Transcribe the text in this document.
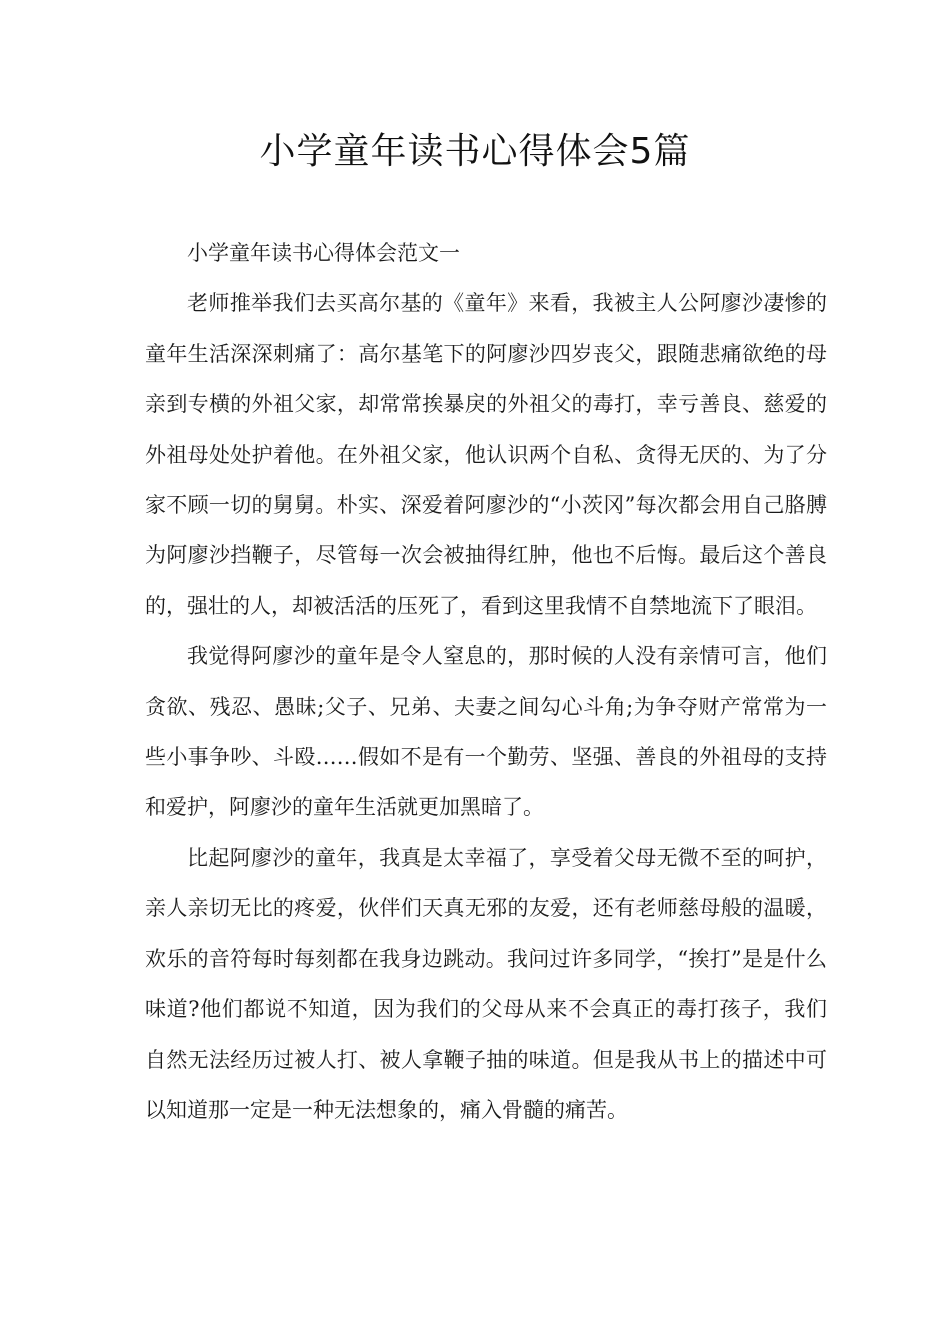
小学童年读书心得体会5篇

小学童年读书心得体会范文一

老师推举我们去买高尔基的《童年》来看，我被主人公阿廖沙凄惨的童年生活深深刺痛了：高尔基笔下的阿廖沙四岁丧父，跟随悲痛欲绝的母亲到专横的外祖父家，却常常挨暴戾的外祖父的毒打，幸亏善良、慈爱的外祖母处处护着他。在外祖父家，他认识两个自私、贪得无厌的、为了分家不顾一切的舅舅。朴实、深爱着阿廖沙的“小茨冈”每次都会用自己胳膊为阿廖沙挡鞭子，尽管每一次会被抽得红肿，他也不后悔。最后这个善良的，强壮的人，却被活活的压死了，看到这里我情不自禁地流下了眼泪。

我觉得阿廖沙的童年是令人窒息的，那时候的人没有亲情可言，他们贪欲、残忍、愚昧;父子、兄弟、夫妻之间勾心斗角;为争夺财产常常为一些小事争吵、斗殴……假如不是有一个勤劳、坚强、善良的外祖母的支持和爱护，阿廖沙的童年生活就更加黑暗了。

比起阿廖沙的童年，我真是太幸福了，享受着父母无微不至的呵护，亲人亲切无比的疼爱，伙伴们天真无邪的友爱，还有老师慈母般的温暖，欢乐的音符每时每刻都在我身边跳动。我问过许多同学，“挨打”是是什么味道?他们都说不知道，因为我们的父母从来不会真正的毒打孩子，我们自然无法经历过被人打、被人拿鞭子抽的味道。但是我从书上的描述中可以知道那一定是一种无法想象的，痛入骨髓的痛苦。
